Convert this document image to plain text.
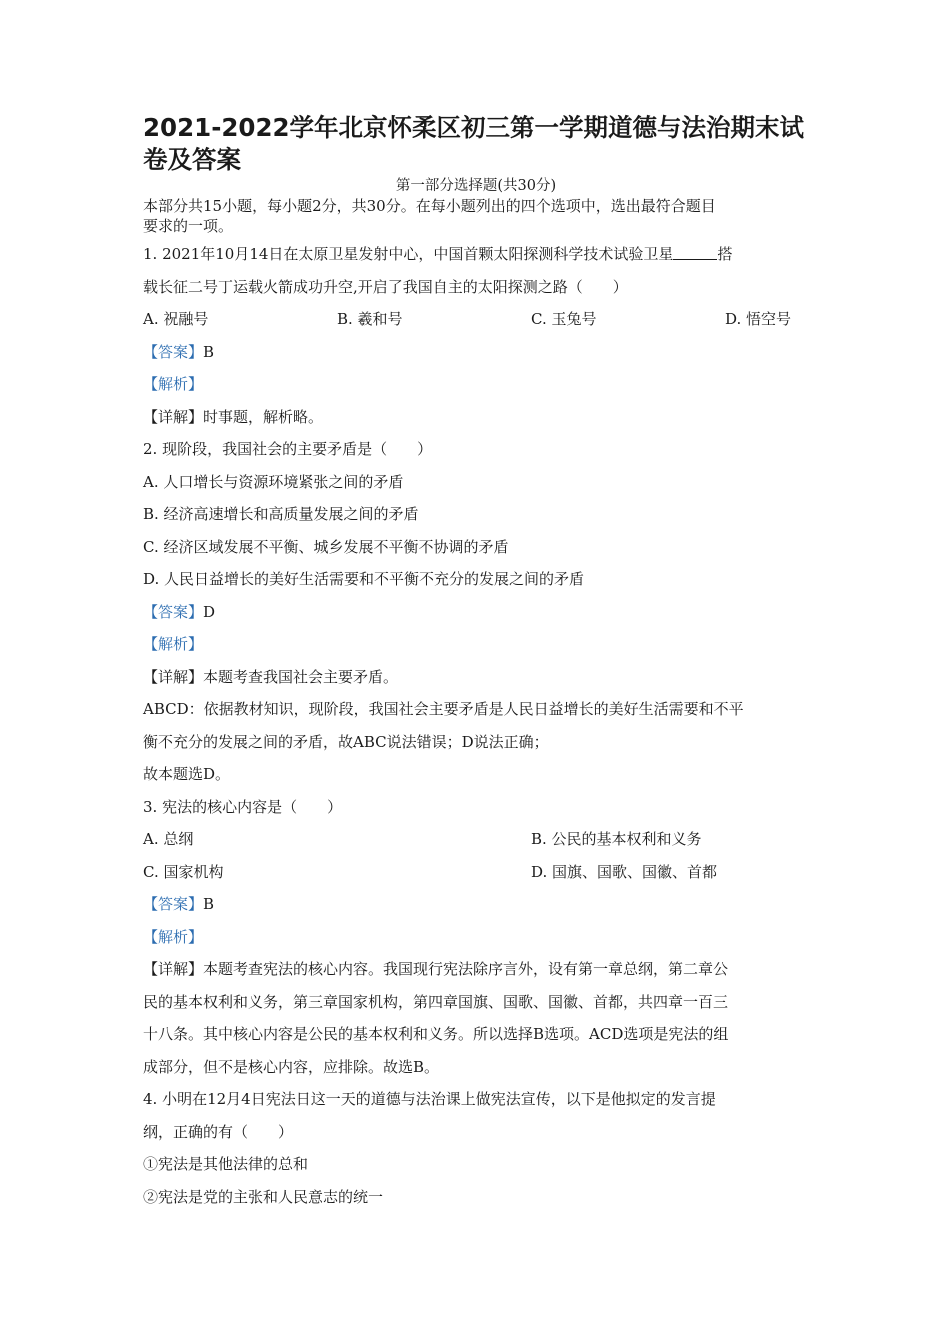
2021-2022学年北京怀柔区初三第一学期道德与法治期末试卷及答案
第一部分选择题(共30分)
本部分共15小题，每小题2分，共30分。在每小题列出的四个选项中，选出最符合题目
要求的一项。
1. 2021年10月14日在太原卫星发射中心，中国首颗太阳探测科学技术试验卫星	搭
载长征二号丁运载火箭成功升空,开启了我国自主的太阳探测之路（　　）
A. 祝融号	B. 羲和号	C. 玉兔号	D. 悟空号
【答案】B
【解析】
【详解】时事题，解析略。
2. 现阶段，我国社会的主要矛盾是（　　）
A. 人口增长与资源环境紧张之间的矛盾
B. 经济高速增长和高质量发展之间的矛盾
C. 经济区域发展不平衡、城乡发展不平衡不协调的矛盾
D. 人民日益增长的美好生活需要和不平衡不充分的发展之间的矛盾
【答案】D
【解析】
【详解】本题考查我国社会主要矛盾。
ABCD：依据教材知识，现阶段，我国社会主要矛盾是人民日益增长的美好生活需要和不平
衡不充分的发展之间的矛盾，故ABC说法错误；D说法正确；
故本题选D。
3. 宪法的核心内容是（　　）
A. 总纲	B. 公民的基本权利和义务
C. 国家机构	D. 国旗、国歌、国徽、首都
【答案】B
【解析】
【详解】本题考查宪法的核心内容。我国现行宪法除序言外，设有第一章总纲，第二章公
民的基本权利和义务，第三章国家机构，第四章国旗、国歌、国徽、首都，共四章一百三
十八条。其中核心内容是公民的基本权利和义务。所以选择B选项。ACD选项是宪法的组
成部分，但不是核心内容，应排除。故选B。
4. 小明在12月4日宪法日这一天的道德与法治课上做宪法宣传，以下是他拟定的发言提
纲，正确的有（　　）
①宪法是其他法律的总和
②宪法是党的主张和人民意志的统一
